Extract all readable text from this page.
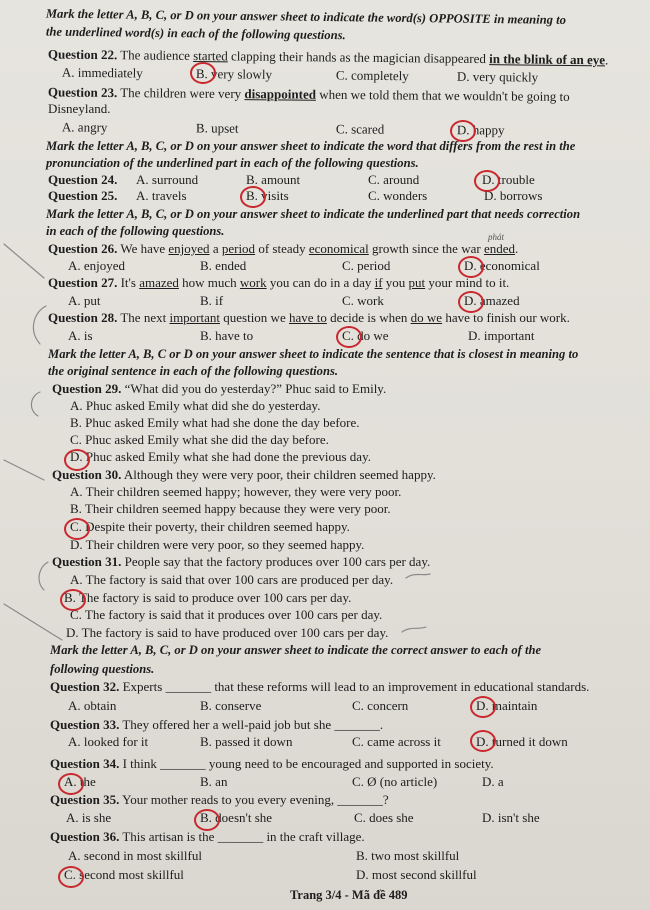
Mark the letter A, B, C, or D on your answer sheet to indicate the word(s) OPPOSITE in meaning to
the underlined word(s) in each of the following questions.
Question 22. The audience started clapping their hands as the magician disappeared in the blink of an eye.
A. immediately	B. very slowly	C. completely	D. very quickly
Question 23. The children were very disappointed when we told them that we wouldn't be going to
Disneyland.
A. angry	B. upset	C. scared	D. happy
Mark the letter A, B, C, or D on your answer sheet to indicate the word that differs from the rest in the
pronunciation of the underlined part in each of the following questions.
Question 24. A. surround	B. amount	C. around	D. trouble
Question 25. A. travels	B. visits	C. wonders	D. borrows
Mark the letter A, B, C, or D on your answer sheet to indicate the underlined part that needs correction
in each of the following questions.
Question 26. We have enjoyed a period of steady economical growth since the war ended.
phát
A. enjoyed	B. ended	C. period	D. economical
Question 27. It's amazed how much work you can do in a day if you put your mind to it.
A. put	B. if	C. work	D. amazed
Question 28. The next important question we have to decide is when do we have to finish our work.
A. is	B. have to	C. do we	D. important
Mark the letter A, B, C or D on your answer sheet to indicate the sentence that is closest in meaning to
the original sentence in each of the following questions.
Question 29. “What did you do yesterday?” Phuc said to Emily.
A. Phuc asked Emily what did she do yesterday.
B. Phuc asked Emily what had she done the day before.
C. Phuc asked Emily what she did the day before.
D. Phuc asked Emily what she had done the previous day.
Question 30. Although they were very poor, their children seemed happy.
A. Their children seemed happy; however, they were very poor.
B. Their children seemed happy because they were very poor.
C. Despite their poverty, their children seemed happy.
D. Their children were very poor, so they seemed happy.
Question 31. People say that the factory produces over 100 cars per day.
A. The factory is said that over 100 cars are produced per day.
B. The factory is said to produce over 100 cars per day.
C. The factory is said that it produces over 100 cars per day.
D. The factory is said to have produced over 100 cars per day.
Mark the letter A, B, C, or D on your answer sheet to indicate the correct answer to each of the
following questions.
Question 32. Experts _______ that these reforms will lead to an improvement in educational standards.
A. obtain	B. conserve	C. concern	D. maintain
Question 33. They offered her a well-paid job but she _______.
A. looked for it	B. passed it down	C. came across it	D. turned it down
Question 34. I think _______ young need to be encouraged and supported in society.
A. the	B. an	C. Ø (no article)	D. a
Question 35. Your mother reads to you every evening, _______?
A. is she	B. doesn't she	C. does she	D. isn't she
Question 36. This artisan is the _______ in the craft village.
A. second in most skillful	B. two most skillful
C. second most skillful	D. most second skillful
Trang 3/4 - Mã đề 489
